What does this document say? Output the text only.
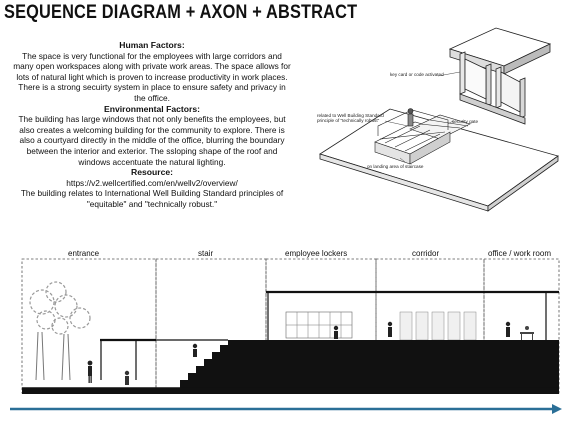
SEQUENCE DIAGRAM + AXON + ABSTRACT

Human Factors:

The space is very functional for the employees with large corridors and

many open workspaces along with private work areas. The space allows for

lots of natural light which is proven to increase productivity in work places.

There is a strong secuirty system in place to ensure safety and privacy in

the office.

Environmental Factors:

The building has large windows that not only benefits the employees, but

also creates a welcoming building for the community to explore. There is

also a courtyard directly in the middle of the office, blurring the boundary

between the interior and exterior. The ssloping shape of the roof and

windows accentuate the natural lighting.

Resource:

https://v2.wellcertified.com/en/wellv2/overview/

The building relates to International Well Building Standard principles of

"equitable" and "technically robust."

key card or code activated
related to Well Building Standard
principle of "technically robust"	security gate
on landing area of staircase
entrance	stair	employee lockers	corridor	office / work room
